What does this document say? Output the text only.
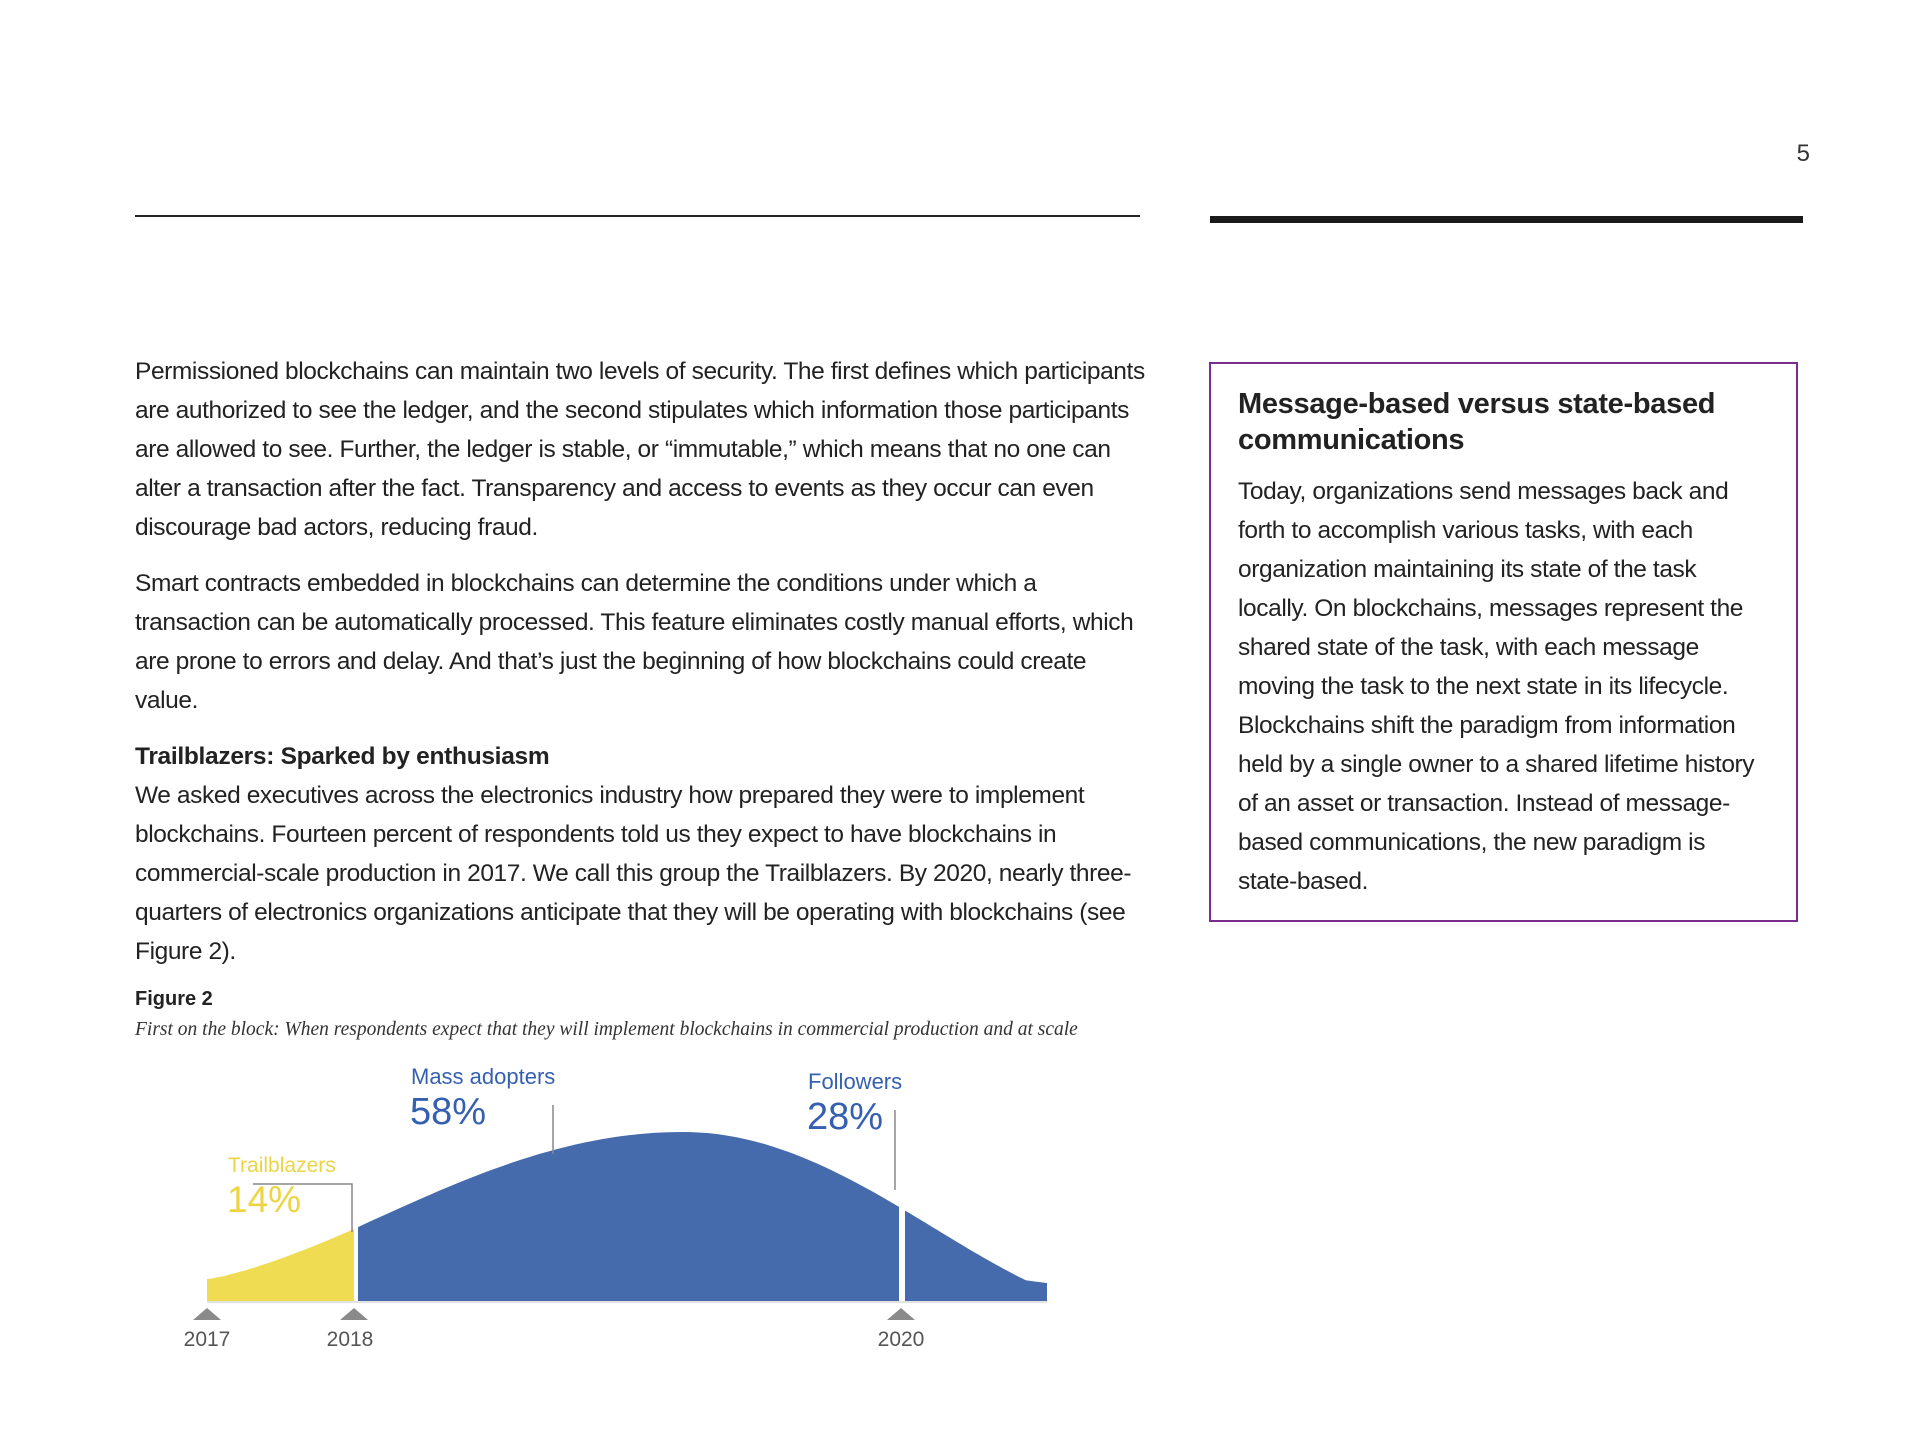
5

Permissioned blockchains can maintain two levels of security. The first defines which participants are authorized to see the ledger, and the second stipulates which information those participants are allowed to see. Further, the ledger is stable, or “immutable,” which means that no one can alter a transaction after the fact. Transparency and access to events as they occur can even discourage bad actors, reducing fraud.

Smart contracts embedded in blockchains can determine the conditions under which a transaction can be automatically processed. This feature eliminates costly manual efforts, which are prone to errors and delay. And that’s just the beginning of how blockchains could create value.

Trailblazers: Sparked by enthusiasm

We asked executives across the electronics industry how prepared they were to implement blockchains. Fourteen percent of respondents told us they expect to have blockchains in commercial-scale production in 2017. We call this group the Trailblazers. By 2020, nearly three-quarters of electronics organizations anticipate that they will be operating with blockchains (see Figure 2).

Message-based versus state-based communications

Today, organizations send messages back and forth to accomplish various tasks, with each organization maintaining its state of the task locally. On blockchains, messages represent the shared state of the task, with each message moving the task to the next state in its lifecycle. Blockchains shift the paradigm from information held by a single owner to a shared lifetime history of an asset or transaction. Instead of message-based communications, the new paradigm is state-based.

Figure 2
First on the block: When respondents expect that they will implement blockchains in commercial production and at scale
Trailblazers
14%
Mass adopters
58%
Followers
28%
2017	2018	2020
